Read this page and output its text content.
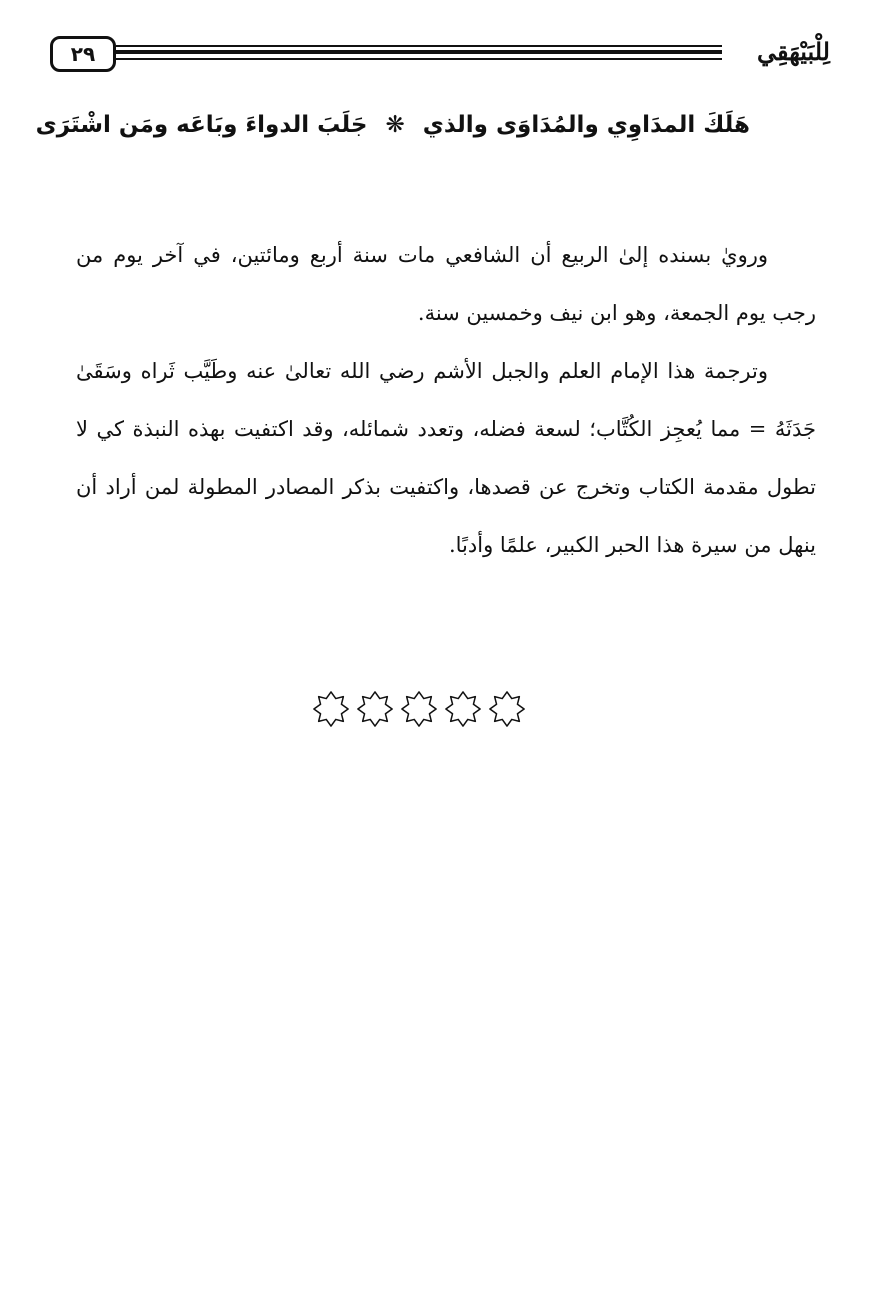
٢٩	لِلْبَيْهَقِي
هَلَكَ المدَاوِي والمُدَاوَى والذي ❋ جَلَبَ الدواءَ وبَاعَه ومَن اشْتَرَى

ورويٰ بسنده إلىٰ الربيع أن الشافعي مات سنة أربع ومائتين، في آخر يوم من رجب يوم الجمعة، وهو ابن نيف وخمسين سنة.

وترجمة هذا الإمام العلم والجبل الأشم رضي الله تعالىٰ عنه وطَيَّب ثَراه وسَقَىٰ جَدَثَهُ = مما يُعجِز الكُتَّاب؛ لسعة فضله، وتعدد شمائله، وقد اكتفيت بهذه النبذة كي لا تطول مقدمة الكتاب وتخرج عن قصدها، واكتفيت بذكر المصادر المطولة لمن أراد أن ينهل من سيرة هذا الحبر الكبير، علمًا وأدبًا.
